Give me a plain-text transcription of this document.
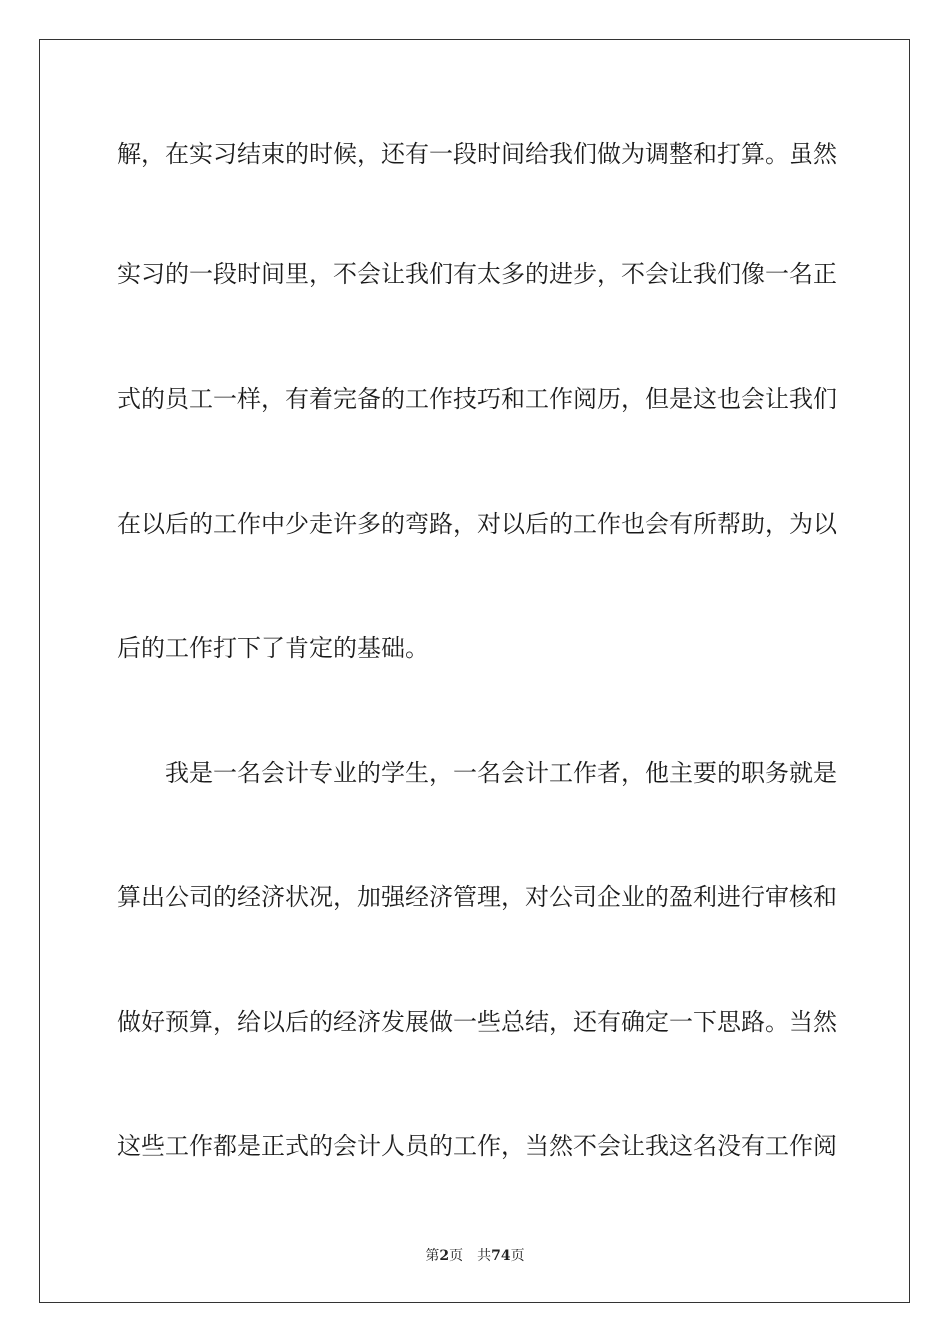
解，在实习结束的时候，还有一段时间给我们做为调整和打算。虽然
实习的一段时间里，不会让我们有太多的进步，不会让我们像一名正
式的员工一样，有着完备的工作技巧和工作阅历，但是这也会让我们
在以后的工作中少走许多的弯路，对以后的工作也会有所帮助，为以
后的工作打下了肯定的基础。
我是一名会计专业的学生，一名会计工作者，他主要的职务就是
算出公司的经济状况，加强经济管理，对公司企业的盈利进行审核和
做好预算，给以后的经济发展做一些总结，还有确定一下思路。当然
这些工作都是正式的会计人员的工作，当然不会让我这名没有工作阅
第2页 共74页
